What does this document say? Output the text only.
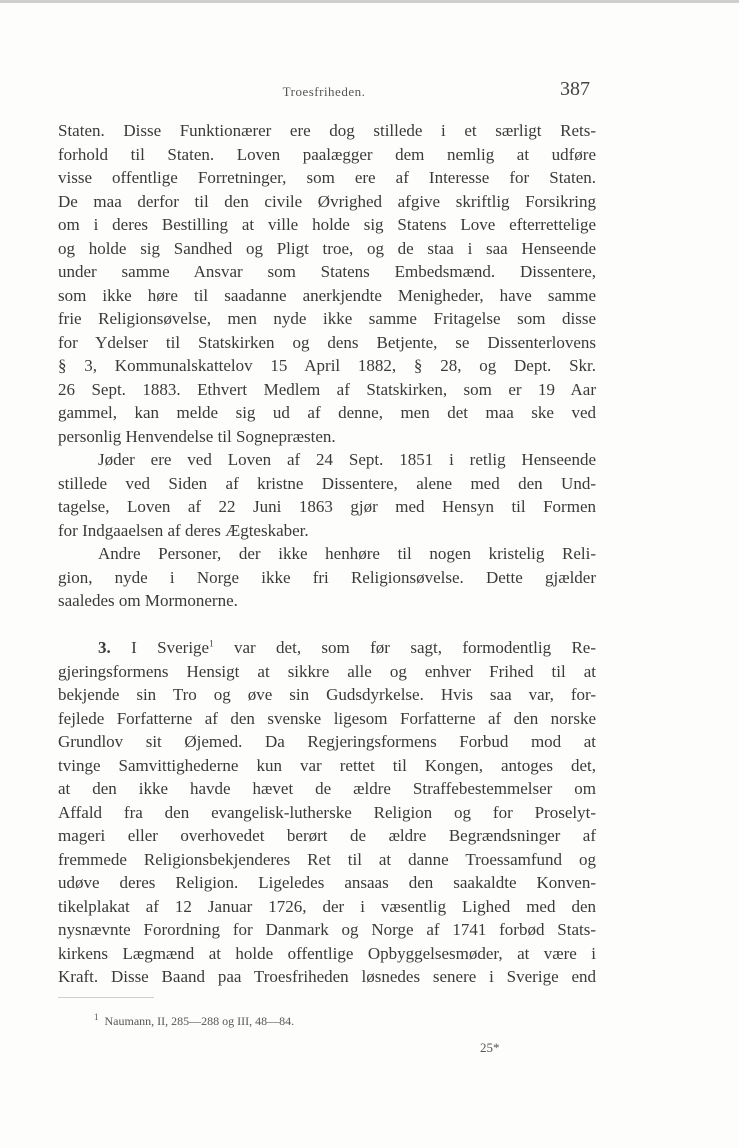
Troesfriheden.	387
Staten. Disse Funktionærer ere dog stillede i et særligt Rets-
forhold til Staten. Loven paalægger dem nemlig at udføre
visse offentlige Forretninger, som ere af Interesse for Staten.
De maa derfor til den civile Øvrighed afgive skriftlig Forsikring
om i deres Bestilling at ville holde sig Statens Love efterrettelige
og holde sig Sandhed og Pligt troe, og de staa i saa Henseende
under samme Ansvar som Statens Embedsmænd. Dissentere,
som ikke høre til saadanne anerkjendte Menigheder, have samme
frie Religionsøvelse, men nyde ikke samme Fritagelse som disse
for Ydelser til Statskirken og dens Betjente, se Dissenterlovens
§ 3, Kommunalskattelov 15 April 1882, § 28, og Dept. Skr.
26 Sept. 1883. Ethvert Medlem af Statskirken, som er 19 Aar
gammel, kan melde sig ud af denne, men det maa ske ved
personlig Henvendelse til Sognepræsten.
Jøder ere ved Loven af 24 Sept. 1851 i retlig Henseende
stillede ved Siden af kristne Dissentere, alene med den Und-
tagelse, Loven af 22 Juni 1863 gjør med Hensyn til Formen
for Indgaaelsen af deres Ægteskaber.
Andre Personer, der ikke henhøre til nogen kristelig Reli-
gion, nyde i Norge ikke fri Religionsøvelse. Dette gjælder
saaledes om Mormonerne.
3. I Sverige$^1$ var det, som før sagt, formodentlig Re-
gjeringsformens Hensigt at sikkre alle og enhver Frihed til at
bekjende sin Tro og øve sin Gudsdyrkelse. Hvis saa var, for-
fejlede Forfatterne af den svenske ligesom Forfatterne af den norske
Grundlov sit Øjemed. Da Regjeringsformens Forbud mod at
tvinge Samvittighederne kun var rettet til Kongen, antoges det,
at den ikke havde hævet de ældre Straffebestemmelser om
Affald fra den evangelisk-lutherske Religion og for Proselyt-
mageri eller overhovedet berørt de ældre Begrændsninger af
fremmede Religionsbekjenderes Ret til at danne Troessamfund og
udøve deres Religion. Ligeledes ansaas den saakaldte Konven-
tikelplakat af 12 Januar 1726, der i væsentlig Lighed med den
nysnævnte Forordning for Danmark og Norge af 1741 forbød Stats-
kirkens Lægmænd at holde offentlige Opbyggelsesmøder, at være i
Kraft. Disse Baand paa Troesfriheden løsnedes senere i Sverige end
$^1$ Naumann, II, 285—288 og III, 48—84.
25*
